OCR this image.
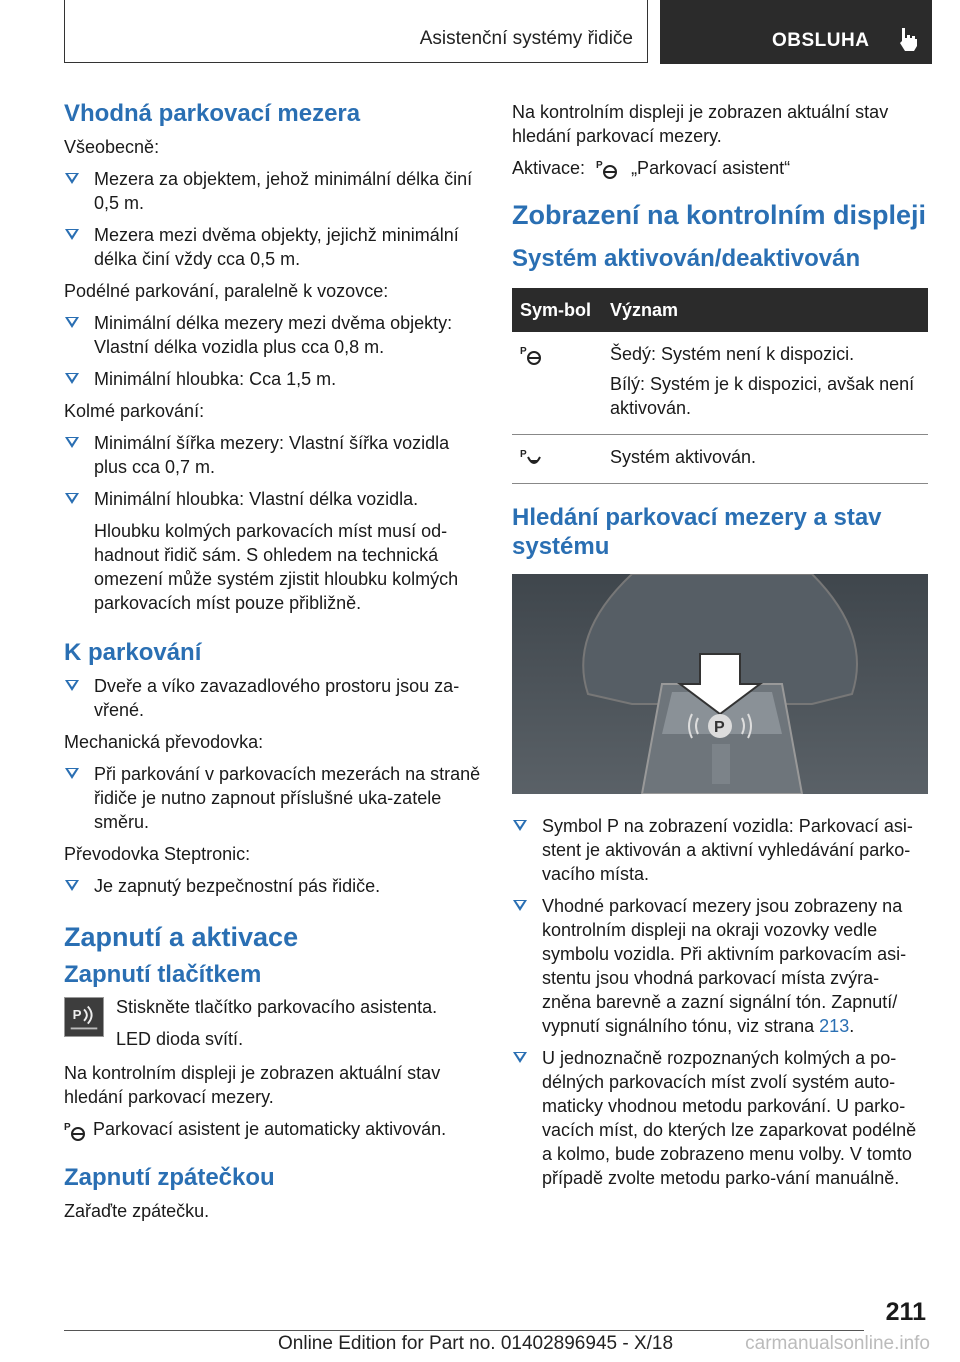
Asistenční systémy řidiče	OBSLUHA
Vhodná parkovací mezera

Všeobecně:

Mezera za objektem, jehož minimální délka činí 0,5 m.
Mezera mezi dvěma objekty, jejichž minimální délka činí vždy cca 0,5 m.

Podélné parkování, paralelně k vozovce:

Minimální délka mezery mezi dvěma objekty: Vlastní délka vozidla plus cca 0,8 m.
Minimální hloubka: Cca 1,5 m.

Kolmé parkování:

Minimální šířka mezery: Vlastní šířka vozidla plus cca 0,7 m.
Minimální hloubka: Vlastní délka vozidla.

Hloubku kolmých parkovacích míst musí od-hadnout řidič sám. S ohledem na technická omezení může systém zjistit hloubku kolmých parkovacích míst pouze přibližně.

K parkování
Dveře a víko zavazadlového prostoru jsou za-vřené.

Mechanická převodovka:

Při parkování v parkovacích mezerách na straně řidiče je nutno zapnout příslušné uka-zatele směru.

Převodovka Steptronic:

Je zapnutý bezpečnostní pás řidiče.
Zapnutí a aktivace
Zapnutí tlačítkem
P Stiskněte tlačítko parkovacího asistenta.

LED dioda svítí.

Na kontrolním displeji je zobrazen aktuální stav hledání parkovací mezery.

P Parkovací asistent je automaticky aktivován.

Zapnutí zpátečkou

Zařaďte zpátečku.

Na kontrolním displeji je zobrazen aktuální stav hledání parkovací mezery.

Aktivace: P „Parkovací asistent“

Zobrazení na kontrolním displeji
Systém aktivován/deaktivován
Sym-bol	Význam

P	Šedý: Systém není k dispozici.

Bílý: Systém je k dispozici, avšak není aktivován.

P	Systém aktivován.

Hledání parkovací mezery a stav systému
P
Symbol P na zobrazení vozidla: Parkovací asi-stent je aktivován a aktivní vyhledávání parko-vacího místa.
Vhodné parkovací mezery jsou zobrazeny na kontrolním displeji na okraji vozovky vedle symbolu vozidla. Při aktivním parkovacím asi-stentu jsou vhodná parkovací místa zvýra-zněna barevně a zazní signální tón. Zapnutí/ vypnutí signálního tónu, viz strana 213.
U jednoznačně rozpoznaných kolmých a po-délných parkovacích míst zvolí systém auto-maticky vhodnou metodu parkování. U parko-vacích míst, do kterých lze zaparkovat podélně a kolmo, bude zobrazeno menu volby. V tomto případě zvolte metodu parko-vání manuálně.
211
Online Edition for Part no. 01402896945 - X/18	carmanualsonline.info
